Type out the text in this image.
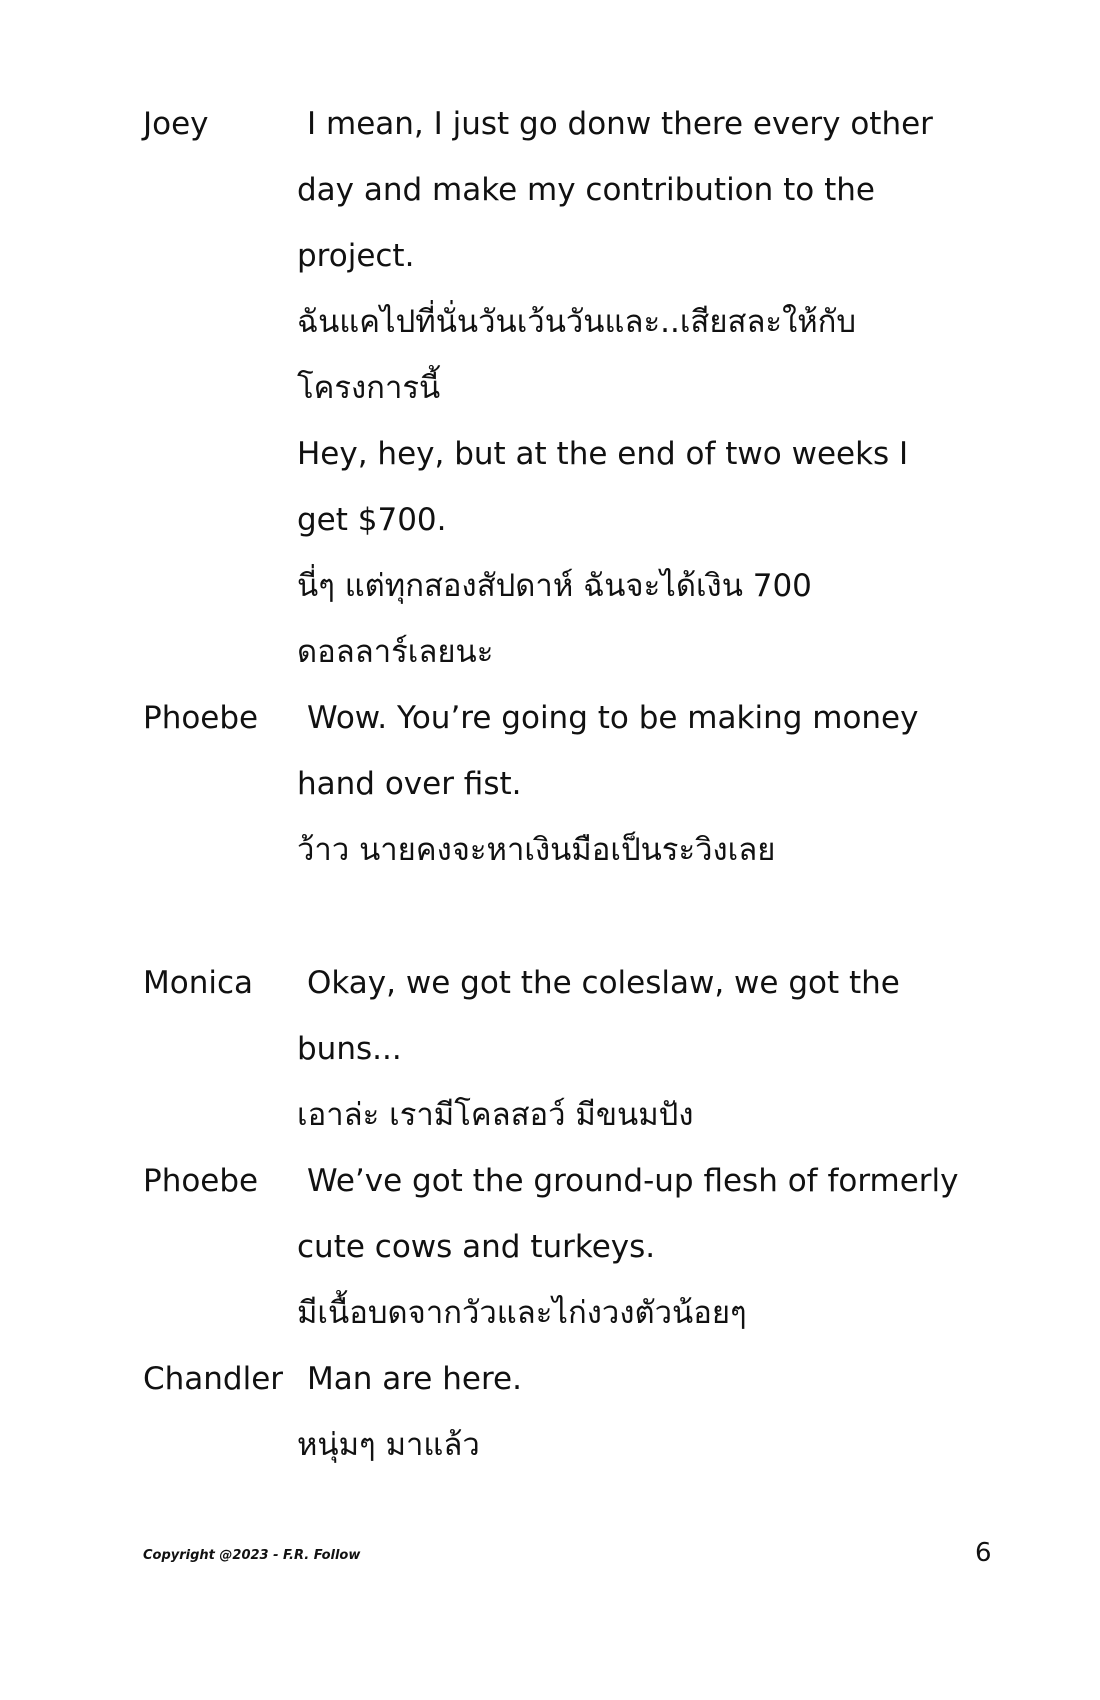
Joey	I mean, I just go donw there every other
day and make my contribution to the
project.
ฉันแคไปที่นั่นวันเว้นวันและ..เสียสละให้กับ
โครงการนี้
Hey, hey, but at the end of two weeks I
get $700.
นี่ๆ แต่ทุกสองสัปดาห์ ฉันจะได้เงิน 700
ดอลลาร์เลยนะ
Phoebe	Wow. You’re going to be making money
hand over fist.
ว้าว นายคงจะหาเงินมือเป็นระวิงเลย
Monica	Okay, we got the coleslaw, we got the
buns...
เอาล่ะ เรามีโคลสอว์ มีขนมปัง
Phoebe	We’ve got the ground-up flesh of formerly
cute cows and turkeys.
มีเนื้อบดจากวัวและไก่งวงตัวน้อยๆ
Chandler Man are here.
หนุ่มๆ มาแล้ว
Copyright @2023 - F.R. Follow	6
